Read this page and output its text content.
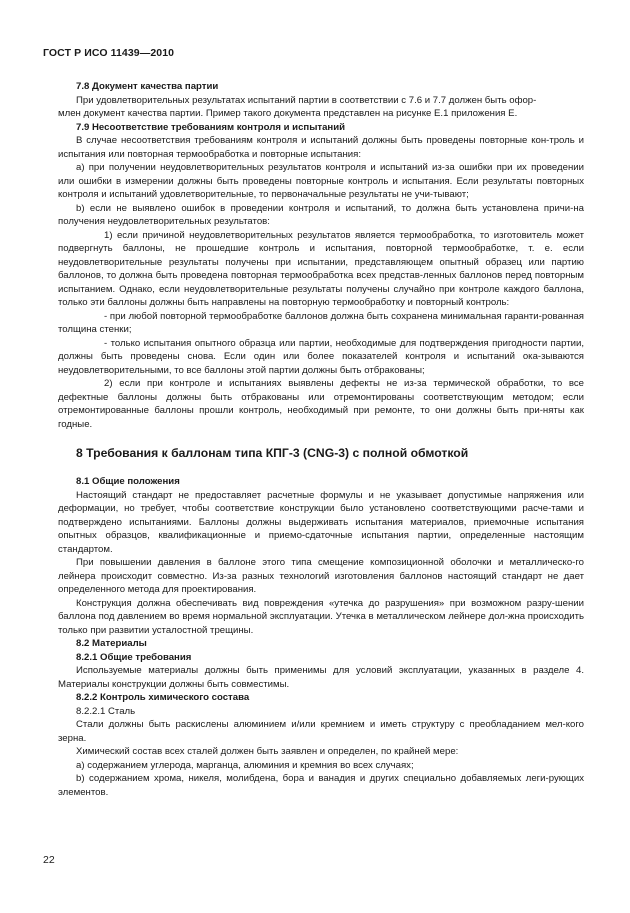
ГОСТ Р ИСО 11439—2010

7.8 Документ качества партии

При удовлетворительных результатах испытаний партии в соответствии с 7.6 и 7.7 должен быть офор-
млен документ качества партии. Пример такого документа представлен на рисунке Е.1 приложения Е.

7.9 Несоответствие требованиям контроля и испытаний

В случае несоответствия требованиям контроля и испытаний должны быть проведены повторные кон-троль и испытания или повторная термообработка и повторные испытания:

а) при получении неудовлетворительных результатов контроля и испытаний из-за ошибки при их проведении или ошибки в измерении должны быть проведены повторные контроль и испытания. Если результаты повторных контроля и испытаний удовлетворительные, то первоначальные результаты не учи-тывают;

b) если не выявлено ошибок в проведении контроля и испытаний, то должна быть установлена причи-на получения неудовлетворительных результатов:

1) если причиной неудовлетворительных результатов является термообработка, то изготовитель может подвергнуть баллоны, не прошедшие контроль и испытания, повторной термообработке, т. е. если неудовлетворительные результаты получены при испытании, представляющем опытный образец или партию баллонов, то должна быть проведена повторная термообработка всех представ-ленных баллонов перед повторным испытанием. Однако, если неудовлетворительные результаты получены случайно при контроле каждого баллона, только эти баллоны должны быть направлены на повторную термообработку и повторный контроль:

- при любой повторной термообработке баллонов должна быть сохранена минимальная гаранти-рованная толщина стенки;

- только испытания опытного образца или партии, необходимые для подтверждения пригодности партии, должны быть проведены снова. Если один или более показателей контроля и испытаний ока-зываются неудовлетворительными, то все баллоны этой партии должны быть отбракованы;

2) если при контроле и испытаниях выявлены дефекты не из-за термической обработки, то все дефектные баллоны должны быть отбракованы или отремонтированы соответствующим методом; если отремонтированные баллоны прошли контроль, необходимый при ремонте, то они должны быть при-няты как годные.

8 Требования к баллонам типа КПГ-3 (CNG-3) с полной обмоткой

8.1 Общие положения

Настоящий стандарт не предоставляет расчетные формулы и не указывает допустимые напряжения или деформации, но требует, чтобы соответствие конструкции было установлено соответствующими расче-тами и подтверждено испытаниями. Баллоны должны выдерживать испытания материалов, приемочные испытания опытных образцов, квалификационные и приемо-сдаточные испытания партии, определенные настоящим стандартом.

При повышении давления в баллоне этого типа смещение композиционной оболочки и металлическо-го лейнера происходит совместно. Из-за разных технологий изготовления баллонов настоящий стандарт не дает определенного метода для проектирования.

Конструкция должна обеспечивать вид повреждения «утечка до разрушения» при возможном разру-шении баллона под давлением во время нормальной эксплуатации. Утечка в металлическом лейнере дол-жна происходить только при развитии усталостной трещины.

8.2 Материалы

8.2.1 Общие требования

Используемые материалы должны быть применимы для условий эксплуатации, указанных в разделе 4. Материалы конструкции должны быть совместимы.

8.2.2 Контроль химического состава

8.2.2.1 Сталь

Стали должны быть раскислены алюминием и/или кремнием и иметь структуру с преобладанием мел-кого зерна.

Химический состав всех сталей должен быть заявлен и определен, по крайней мере:

а) содержанием углерода, марганца, алюминия и кремния во всех случаях;

b) содержанием хрома, никеля, молибдена, бора и ванадия и других специально добавляемых леги-рующих элементов.

22
